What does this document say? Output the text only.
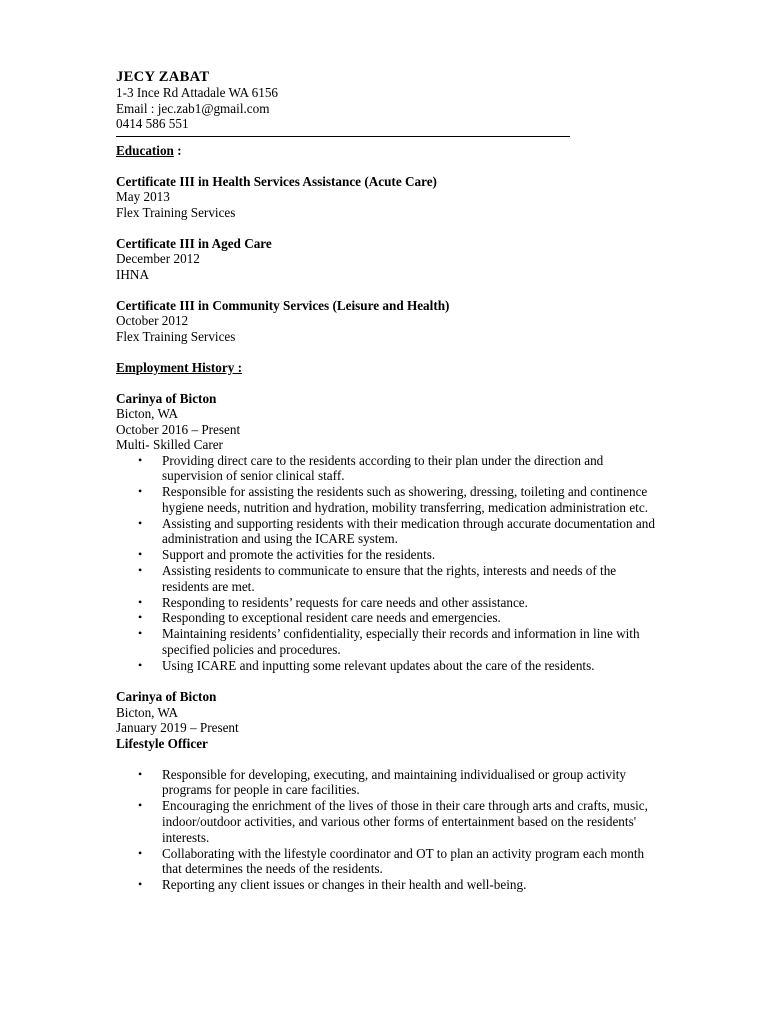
JECY ZABAT
1-3 Ince Rd Attadale WA 6156
Email : jec.zab1@gmail.com
0414 586 551
Education :
Certificate III in Health Services Assistance (Acute Care)
May 2013
Flex Training Services
Certificate III in Aged Care
December 2012
IHNA
Certificate III in Community Services (Leisure and Health)
October 2012
Flex Training Services
Employment History :
Carinya of Bicton
Bicton, WA
October 2016 – Present
Multi- Skilled Carer
• Providing direct care to the residents according to their plan under the direction and supervision of senior clinical staff.
• Responsible for assisting the residents such as showering, dressing, toileting and continence hygiene needs, nutrition and hydration, mobility transferring, medication administration etc.
• Assisting and supporting residents with their medication through accurate documentation and administration and using the ICARE system.
• Support and promote the activities for the residents.
• Assisting residents to communicate to ensure that the rights, interests and needs of the residents are met.
• Responding to residents’ requests for care needs and other assistance.
• Responding to exceptional resident care needs and emergencies.
• Maintaining residents’ confidentiality, especially their records and information in line with specified policies and procedures.
• Using ICARE and inputting some relevant updates about the care of the residents.
Carinya of Bicton
Bicton, WA
January 2019 – Present
Lifestyle Officer
• Responsible for developing, executing, and maintaining individualised or group activity programs for people in care facilities.
• Encouraging the enrichment of the lives of those in their care through arts and crafts, music, indoor/outdoor activities, and various other forms of entertainment based on the residents' interests.
• Collaborating with the lifestyle coordinator and OT to plan an activity program each month that determines the needs of the residents.
• Reporting any client issues or changes in their health and well-being.
